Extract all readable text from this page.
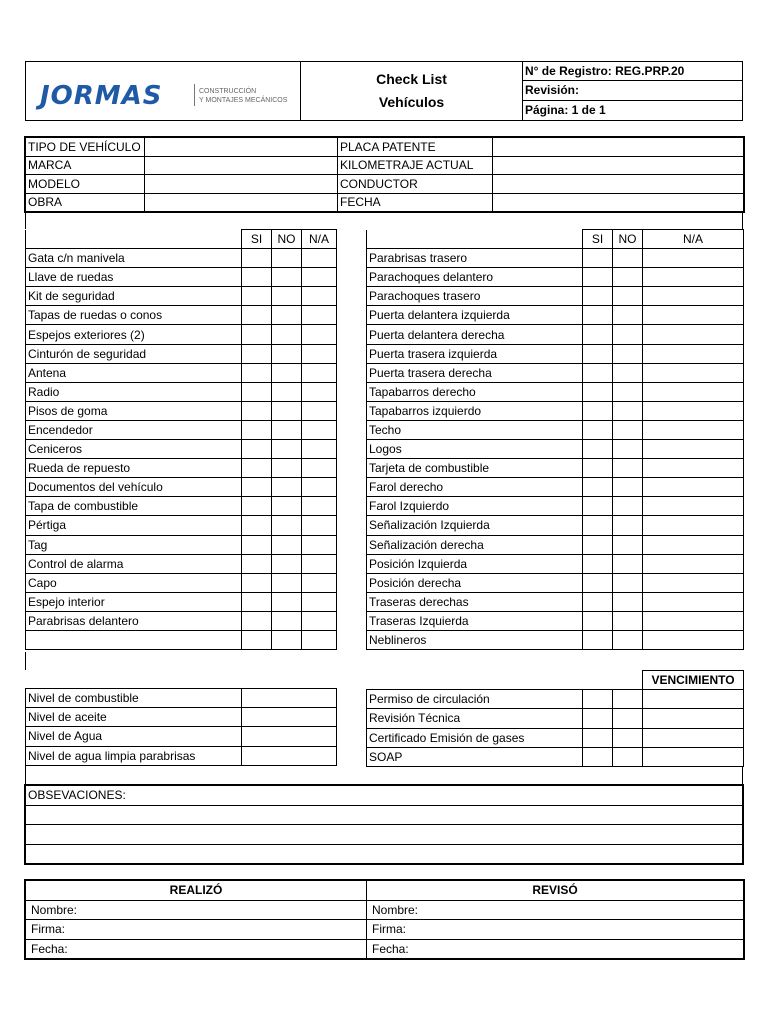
JORMAS	CONSTRUCCIÓN
Y MONTAJES MECÁNICOS
Check List
Vehículos
N° de Registro: REG.PRP.20
Revisión:
Página: 1 de 1
TIPO DE VEHÍCULO		PLACA PATENTE	
MARCA		KILOMETRAJE ACTUAL	
MODELO		CONDUCTOR	
OBRA		FECHA	
	SI	NO	N/A
Gata c/n manivela			
Llave de ruedas			
Kit de seguridad			
Tapas de ruedas o conos			
Espejos exteriores (2)			
Cinturón de seguridad			
Antena			
Radio			
Pisos de goma			
Encendedor			
Ceniceros			
Rueda de repuesto			
Documentos del vehículo			
Tapa de combustible			
Pértiga			
Tag			
Control de alarma			
Capo			
Espejo interior			
Parabrisas delantero			

	SI	NO	N/A
Parabrisas trasero			
Parachoques delantero			
Parachoques trasero			
Puerta delantera izquierda			
Puerta delantera derecha			
Puerta trasera izquierda			
Puerta trasera derecha			
Tapabarros derecho			
Tapabarros izquierdo			
Techo			
Logos			
Tarjeta de combustible			
Farol derecho			
Farol Izquierdo			
Señalización Izquierda			
Señalización derecha			
Posición Izquierda			
Posición derecha			
Traseras derechas			
Traseras Izquierda			
Neblineros			

Nivel de combustible	
Nivel de aceite	
Nivel de Agua	
Nivel de agua limpia parabrisas	
			VENCIMIENTO
Permiso de circulación			
Revisión Técnica			
Certificado Emisión de gases			
SOAP			
OBSEVACIONES:

REALIZÓ	REVISÓ
Nombre:	Nombre:
Firma:	Firma:
Fecha:	Fecha:
